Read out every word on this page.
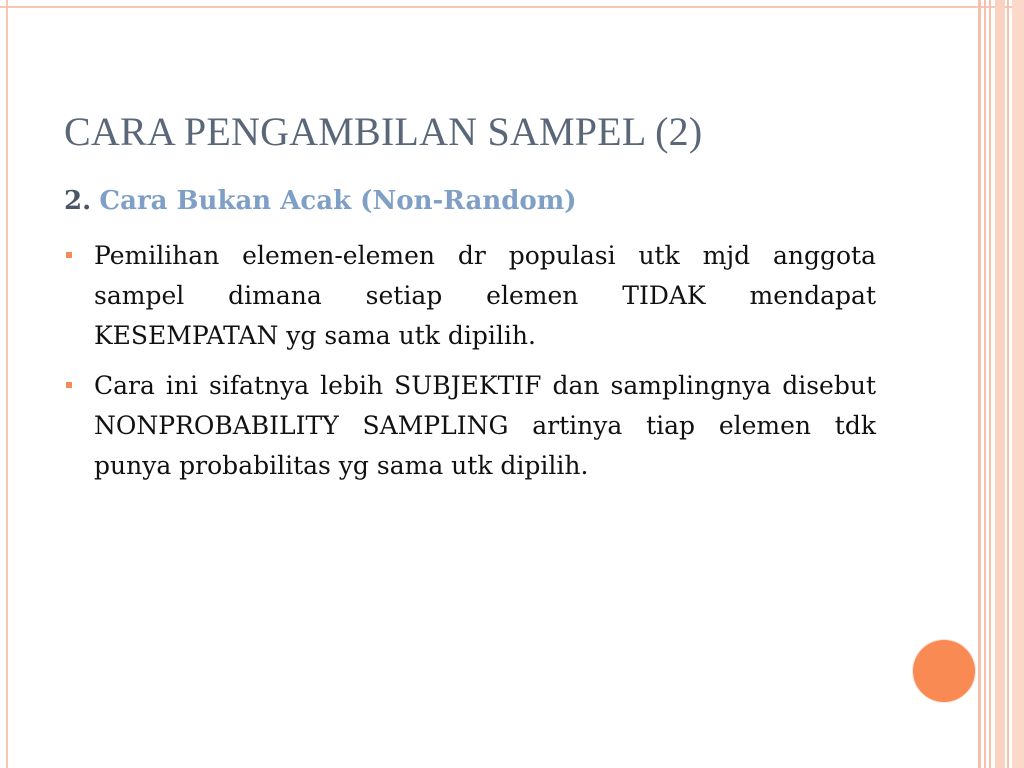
CARA PENGAMBILAN SAMPEL (2)
2. Cara Bukan Acak (Non-Random)
Pemilihan elemen-elemen dr populasi utk mjd anggota sampel dimana setiap elemen TIDAK mendapat KESEMPATAN yg sama utk dipilih.
Cara ini sifatnya lebih SUBJEKTIF dan samplingnya disebut NONPROBABILITY SAMPLING artinya tiap elemen tdk punya probabilitas yg sama utk dipilih.
